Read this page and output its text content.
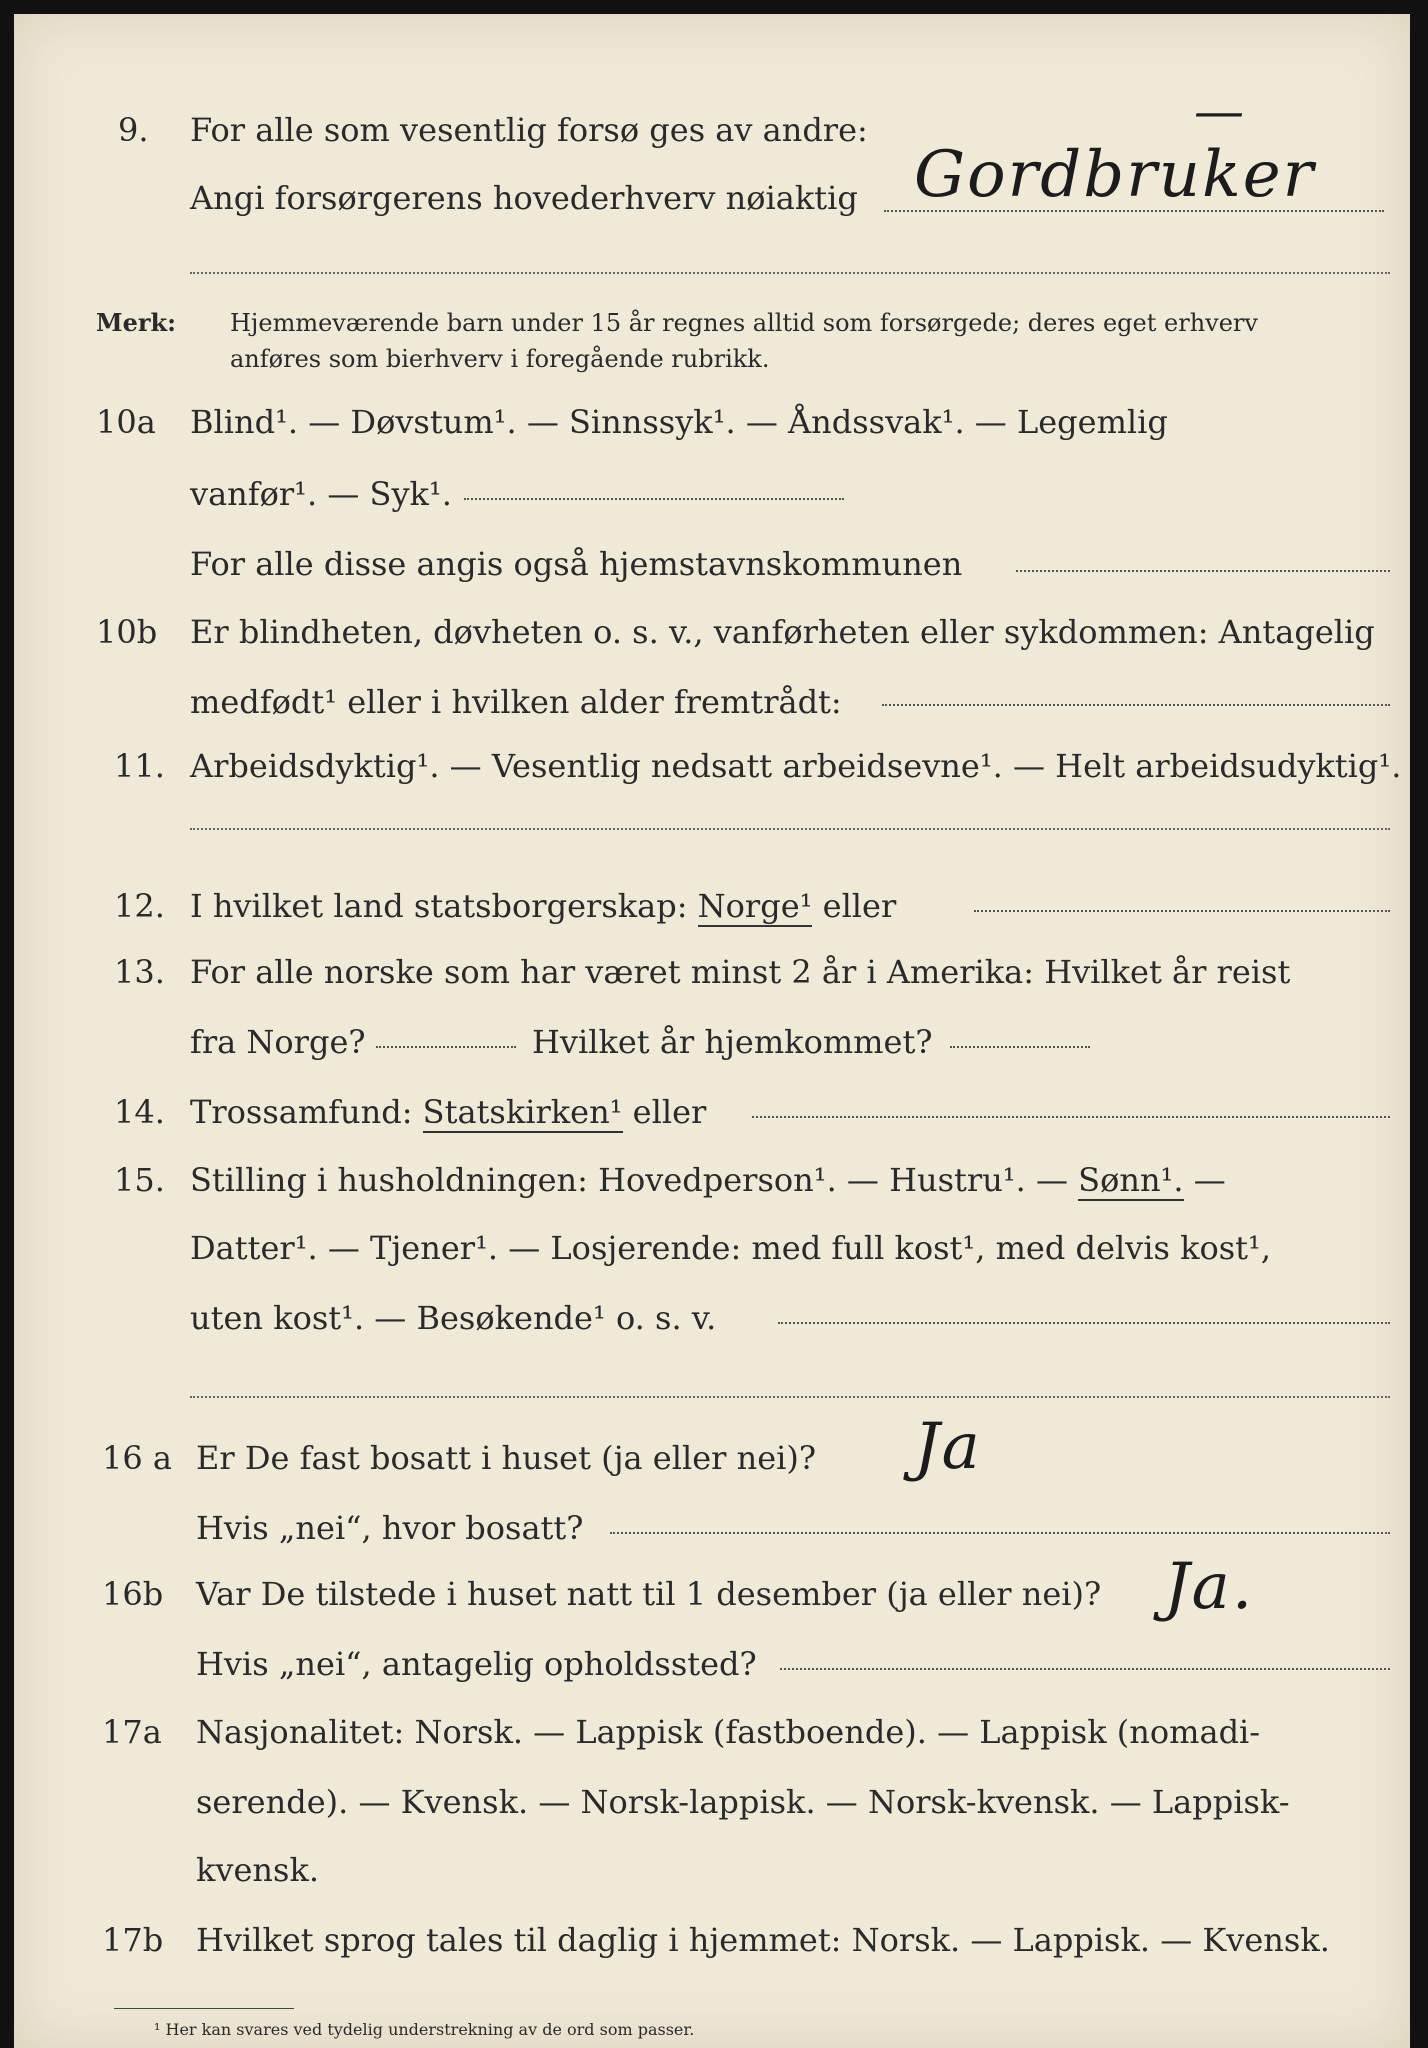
9. For alle som vesentlig forsø ges av andre:
Angi forsørgerens hovederhverv nøiaktig Gordbruker
—
Merk: Hjemmeværende barn under 15 år regnes alltid som forsørgede; deres eget erhverv
anføres som bierhverv i foregående rubrikk.
10a Blind¹. — Døvstum¹. — Sinnssyk¹. — Åndssvak¹. — Legemlig
vanfør¹. — Syk¹.
For alle disse angis også hjemstavnskommunen
10b Er blindheten, døvheten o. s. v., vanførheten eller sykdommen: Antagelig
medfødt¹ eller i hvilken alder fremtrådt:
11. Arbeidsdyktig¹. — Vesentlig nedsatt arbeidsevne¹. — Helt arbeidsudyktig¹.
12. I hvilket land statsborgerskap: Norge¹ eller
13. For alle norske som har været minst 2 år i Amerika: Hvilket år reist
fra Norge?	Hvilket år hjemkommet?
14. Trossamfund: Statskirken¹ eller
15. Stilling i husholdningen: Hovedperson¹. — Hustru¹. — Sønn¹. —
Datter¹. — Tjener¹. — Losjerende: med full kost¹, med delvis kost¹,
uten kost¹. — Besøkende¹ o. s. v.
16 a Er De fast bosatt i huset (ja eller nei)? Ja
Hvis „nei“, hvor bosatt?
16b Var De tilstede i huset natt til 1 desember (ja eller nei)? Ja.
Hvis „nei“, antagelig opholdssted?
17a Nasjonalitet: Norsk. — Lappisk (fastboende). — Lappisk (nomadi-
serende). — Kvensk. — Norsk-lappisk. — Norsk-kvensk. — Lappisk-
kvensk.
17b Hvilket sprog tales til daglig i hjemmet: Norsk. — Lappisk. — Kvensk.
¹ Her kan svares ved tydelig understrekning av de ord som passer.
